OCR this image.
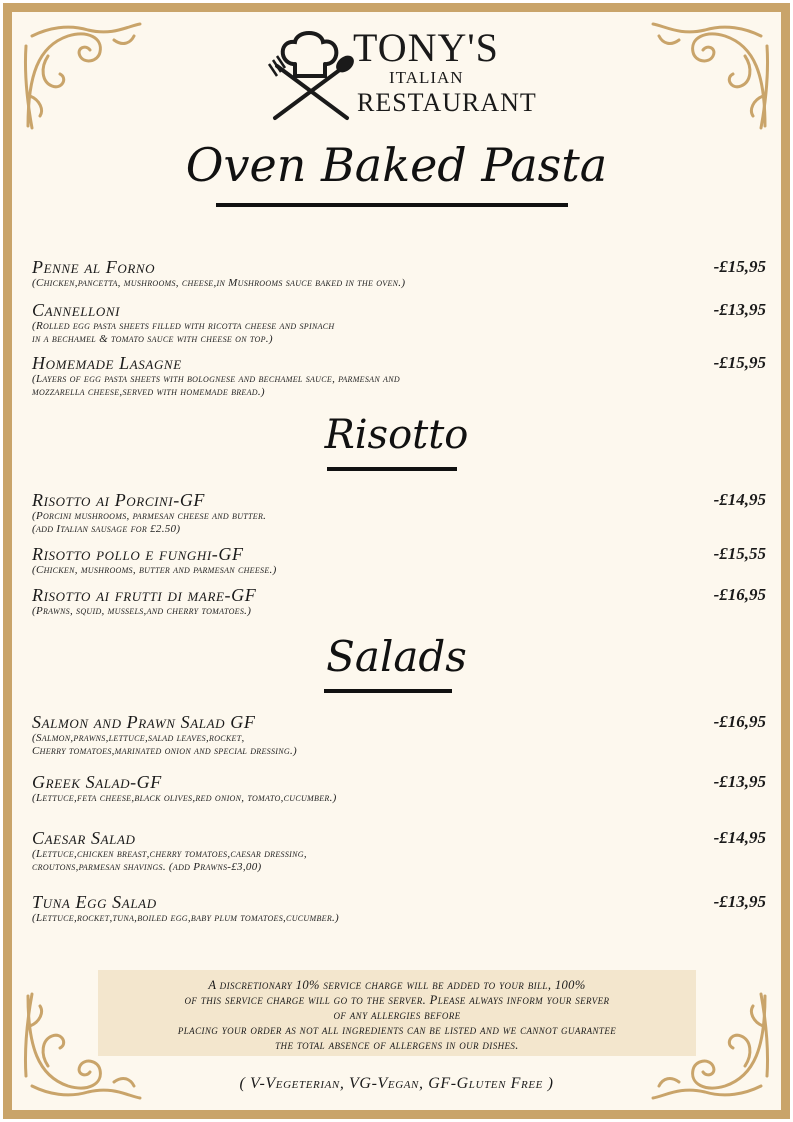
TONY'S
ITALIAN
RESTAURANT
Oven Baked Pasta
Penne al Forno
(Chicken,pancetta, mushrooms, cheese,in Mushrooms sauce baked in the oven.)
-£15,95
Cannelloni
(Rolled egg pasta sheets filled with ricotta cheese and spinach
in a bechamel & tomato sauce with cheese on top.)
-£13,95
Homemade Lasagne
(Layers of egg pasta sheets with bolognese and bechamel sauce, parmesan and
mozzarella cheese,served with homemade bread.)
-£15,95
Risotto
Risotto ai Porcini-GF
(Porcini mushrooms, parmesan cheese and butter.
(add Italian sausage for £2.50)
-£14,95
Risotto pollo e funghi-GF
(Chicken, mushrooms, butter and parmesan cheese.)
-£15,55
Risotto ai frutti di mare-GF
(Prawns, squid, mussels,and cherry tomatoes.)
-£16,95
Salads
Salmon and Prawn Salad GF
(Salmon,prawns,lettuce,salad leaves,rocket,
Cherry tomatoes,marinated onion and special dressing.)
-£16,95
Greek Salad-GF
(Lettuce,feta cheese,black olives,red onion, tomato,cucumber.)
-£13,95
Caesar Salad
(Lettuce,chicken breast,cherry tomatoes,caesar dressing,
croutons,parmesan shavings. (add Prawns-£3,00)
-£14,95
Tuna Egg Salad
(Lettuce,rocket,tuna,boiled egg,baby plum tomatoes,cucumber.)
-£13,95
A discretionary 10% service charge will be added to your bill, 100%
of this service charge will go to the server. Please always inform your server
of any allergies before
placing your order as not all ingredients can be listed and we cannot guarantee
the total absence of allergens in our dishes.
( V-Vegeterian, VG-Vegan, GF-Gluten Free )
